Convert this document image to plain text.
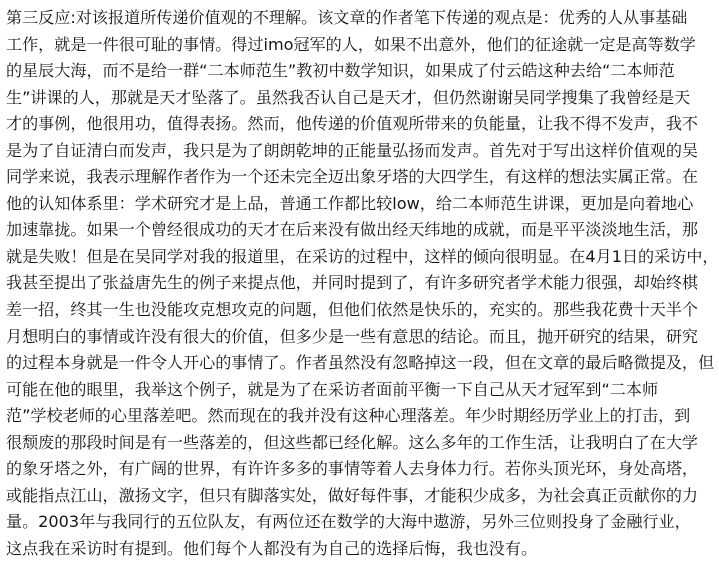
第三反应:对该报道所传递价值观的不理解。该文章的作者笔下传递的观点是：优秀的人从事基础
工作，就是一件很可耻的事情。得过imo冠军的人，如果不出意外，他们的征途就一定是高等数学
的星辰大海，而不是给一群“二本师范生”教初中数学知识，如果成了付云皓这种去给“二本师范
生”讲课的人，那就是天才坠落了。虽然我否认自己是天才，但仍然谢谢吴同学搜集了我曾经是天
才的事例，他很用功，值得表扬。然而，他传递的价值观所带来的负能量，让我不得不发声，我不
是为了自证清白而发声，我只是为了朗朗乾坤的正能量弘扬而发声。首先对于写出这样价值观的吴
同学来说，我表示理解作者作为一个还未完全迈出象牙塔的大四学生，有这样的想法实属正常。在
他的认知体系里：学术研究才是上品，普通工作都比较low，给二本师范生讲课，更加是向着地心
加速靠拢。如果一个曾经很成功的天才在后来没有做出经天纬地的成就，而是平平淡淡地生活，那
就是失败！但是在吴同学对我的报道里，在采访的过程中，这样的倾向很明显。在4月1日的采访中，
我甚至提出了张益唐先生的例子来提点他，并同时提到了，有许多研究者学术能力很强，却始终棋
差一招，终其一生也没能攻克想攻克的问题，但他们依然是快乐的，充实的。那些我花费十天半个
月想明白的事情或许没有很大的价值，但多少是一些有意思的结论。而且，抛开研究的结果，研究
的过程本身就是一件令人开心的事情了。作者虽然没有忽略掉这一段，但在文章的最后略微提及，但
可能在他的眼里，我举这个例子，就是为了在采访者面前平衡一下自己从天才冠军到“二本师
范”学校老师的心里落差吧。然而现在的我并没有这种心理落差。年少时期经历学业上的打击，到
很颓废的那段时间是有一些落差的，但这些都已经化解。这么多年的工作生活，让我明白了在大学
的象牙塔之外，有广阔的世界，有许许多多的事情等着人去身体力行。若你头顶光环，身处高塔，
或能指点江山，激扬文字，但只有脚落实处，做好每件事，才能积少成多，为社会真正贡献你的力
量。2003年与我同行的五位队友，有两位还在数学的大海中遨游，另外三位则投身了金融行业，
这点我在采访时有提到。他们每个人都没有为自己的选择后悔，我也没有。
